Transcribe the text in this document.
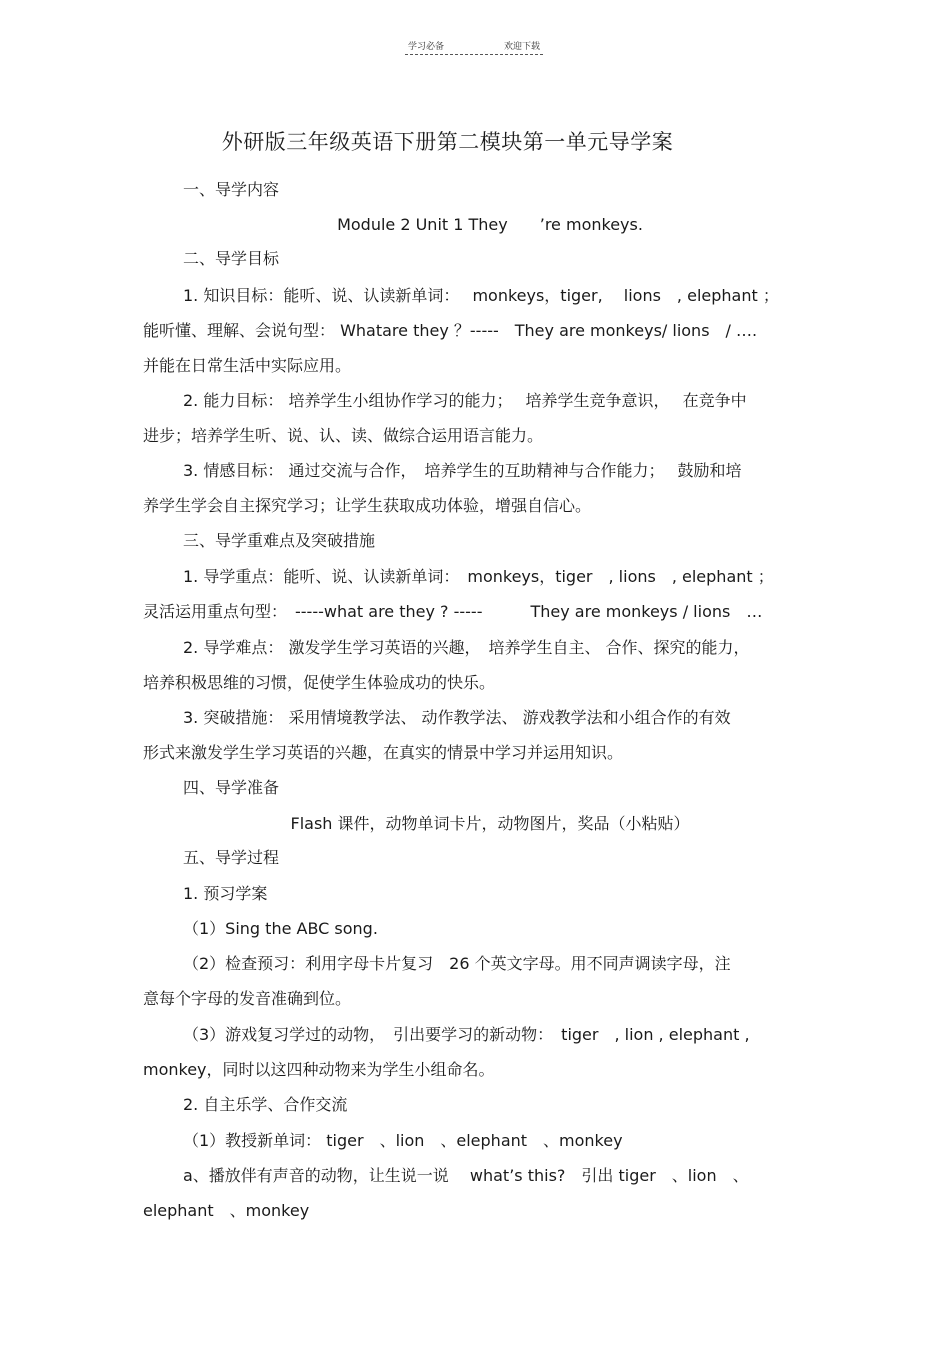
学习必备	欢迎下载
外研版三年级英语下册第二模块第一单元导学案
一、导学内容
Module 2 Unit 1 They　　’re monkeys.
二、导学目标
1. 知识目标：能听、说、认读新单词：　 monkeys，tiger,　 lions　, elephant ；
能听懂、理解、会说句型： Whatare they ？-----　They are monkeys/ lions　/ ….
并能在日常生活中实际应用。
2. 能力目标： 培养学生小组协作学习的能力；　 培养学生竞争意识，　 在竞争中
进步；培养学生听、说、认、读、做综合运用语言能力。
3. 情感目标： 通过交流与合作，　培养学生的互助精神与合作能力；　 鼓励和培
养学生学会自主探究学习；让学生获取成功体验，增强自信心。
三、导学重难点及突破措施
1. 导学重点：能听、说、认读新单词：　monkeys，tiger　, lions　, elephant ；
灵活运用重点句型：　-----what are they ? -----　　　They are monkeys / lions　…
2. 导学难点： 激发学生学习英语的兴趣，　培养学生自主、 合作、探究的能力，
培养积极思维的习惯，促使学生体验成功的快乐。
3. 突破措施： 采用情境教学法、 动作教学法、 游戏教学法和小组合作的有效
形式来激发学生学习英语的兴趣，在真实的情景中学习并运用知识。
四、导学准备
Flash 课件，动物单词卡片，动物图片，奖品（小粘贴）
五、导学过程
1. 预习学案
（1）Sing the ABC song.
（2）检查预习：利用字母卡片复习　26 个英文字母。用不同声调读字母，注
意每个字母的发音准确到位。
（3）游戏复习学过的动物，　引出要学习的新动物：　tiger　, lion , elephant ,
monkey，同时以这四种动物来为学生小组命名。
2. 自主乐学、合作交流
（1）教授新单词： tiger　、lion　、elephant　、monkey
a、播放伴有声音的动物，让生说一说　 what’s this?　引出 tiger　、lion　、
elephant　、monkey
